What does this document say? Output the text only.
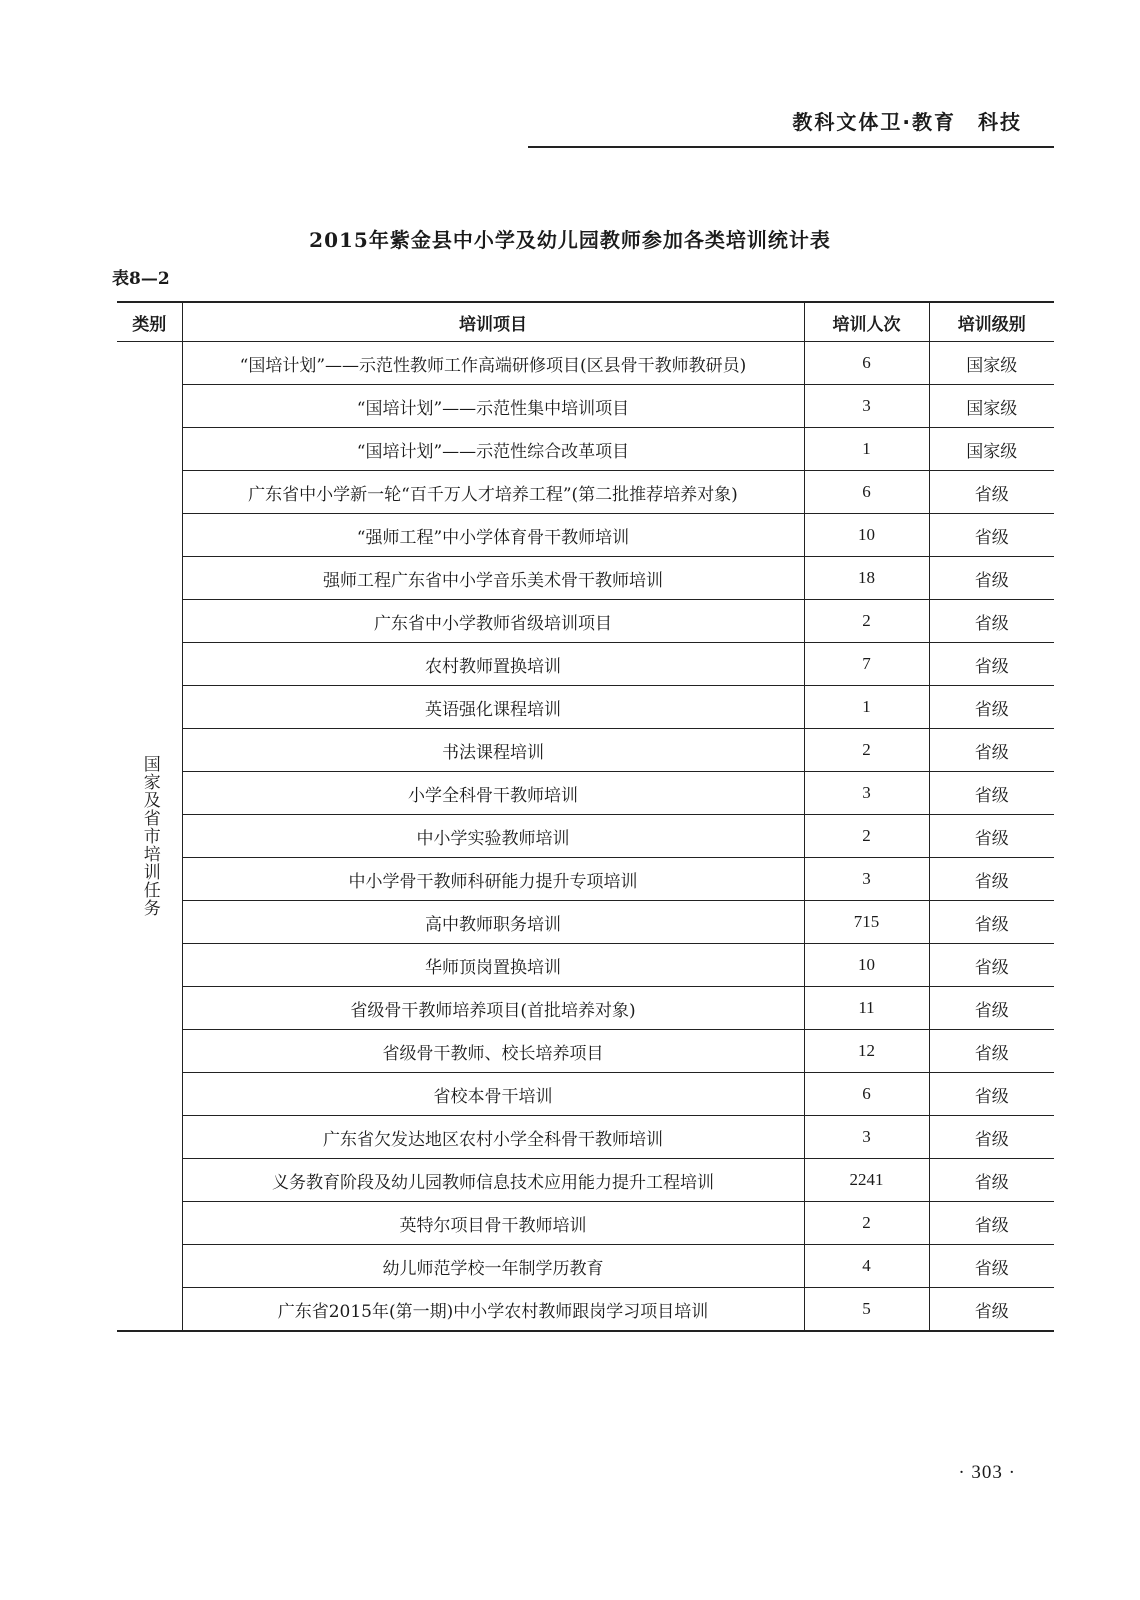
教科文体卫·教育　科技
2015年紫金县中小学及幼儿园教师参加各类培训统计表
表8—2
类别	培训项目	培训人次	培训级别

国家及省市培训任务	“国培计划”——示范性教师工作高端研修项目(区县骨干教师教研员)	6	国家级
	“国培计划”——示范性集中培训项目	3	国家级
	“国培计划”——示范性综合改革项目	1	国家级
	广东省中小学新一轮“百千万人才培养工程”(第二批推荐培养对象)	6	省级
	“强师工程”中小学体育骨干教师培训	10	省级
	强师工程广东省中小学音乐美术骨干教师培训	18	省级
	广东省中小学教师省级培训项目	2	省级
	农村教师置换培训	7	省级
	英语强化课程培训	1	省级
	书法课程培训	2	省级
	小学全科骨干教师培训	3	省级
	中小学实验教师培训	2	省级
	中小学骨干教师科研能力提升专项培训	3	省级
	高中教师职务培训	715	省级
	华师顶岗置换培训	10	省级
	省级骨干教师培养项目(首批培养对象)	11	省级
	省级骨干教师、校长培养项目	12	省级
	省校本骨干培训	6	省级
	广东省欠发达地区农村小学全科骨干教师培训	3	省级
	义务教育阶段及幼儿园教师信息技术应用能力提升工程培训	2241	省级
	英特尔项目骨干教师培训	2	省级
	幼儿师范学校一年制学历教育	4	省级
	广东省2015年(第一期)中小学农村教师跟岗学习项目培训	5	省级
· 303 ·
